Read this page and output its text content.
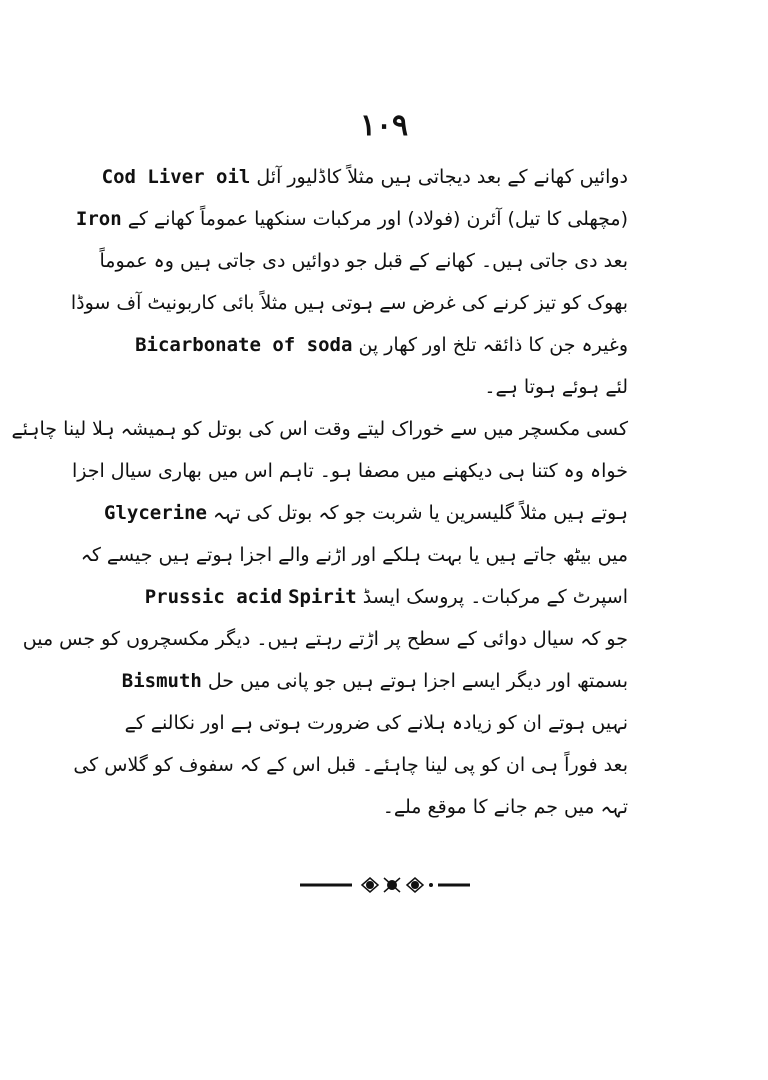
۱۰۹
دوائیں کھانے کے بعد دیجاتی ہیں مثلاً کاڈلیور آئل Cod Liver oil
(مچھلی کا تیل) آئرن (فولاد) اور مرکبات سنکھیا عموماً کھانے کے Iron
بعد دی جاتی ہیں۔ کھانے کے قبل جو دوائیں دی جاتی ہیں وہ عموماً
بھوک کو تیز کرنے کی غرض سے ہوتی ہیں مثلاً بائی کاربونیٹ آف سوڈا
وغیرہ جن کا ذائقہ تلخ اور کھار پن Bicarbonate of soda
لئے ہوئے ہوتا ہے۔
کسی مکسچر میں سے خوراک لیتے وقت اس کی بوتل کو ہمیشہ ہلا لینا چاہئے
خواہ وہ کتنا ہی دیکھنے میں مصفا ہو۔ تاہم اس میں بھاری سیال اجزا
ہوتے ہیں مثلاً گلیسرین یا شربت جو کہ بوتل کی تہہ Glycerine
میں بیٹھ جاتے ہیں یا بہت ہلکے اور اڑنے والے اجزا ہوتے ہیں جیسے کہ
اسپرٹ کے مرکبات۔ پروسک ایسڈ Spirit Prussic acid
جو کہ سیال دوائی کے سطح پر اڑتے رہتے ہیں۔ دیگر مکسچروں کو جس میں
بسمتھ اور دیگر ایسے اجزا ہوتے ہیں جو پانی میں حل Bismuth
نہیں ہوتے ان کو زیادہ ہلانے کی ضرورت ہوتی ہے اور نکالنے کے
بعد فوراً ہی ان کو پی لینا چاہئے۔ قبل اس کے کہ سفوف کو گلاس کی
تہہ میں جم جانے کا موقع ملے۔
